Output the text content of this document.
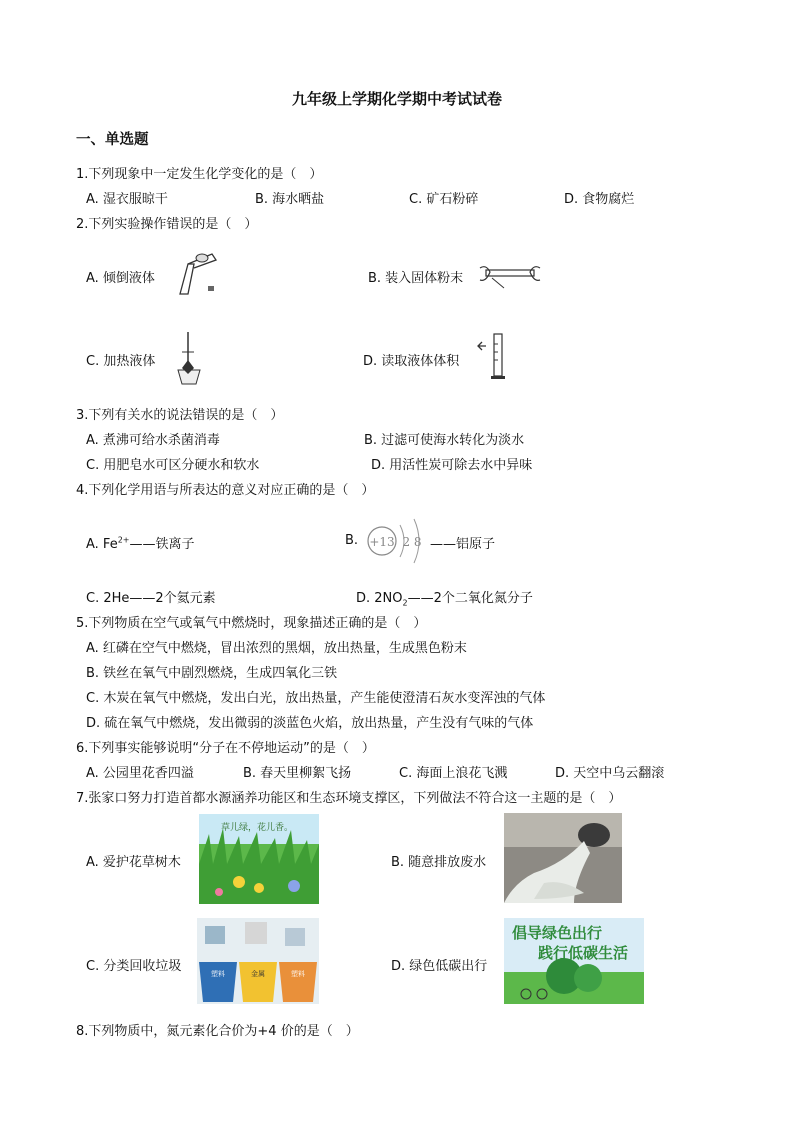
九年级上学期化学期中考试试卷
一、单选题
1.下列现象中一定发生化学变化的是（　）
A. 湿衣服晾干	B. 海水晒盐	C. 矿石粉碎	D. 食物腐烂
2.下列实验操作错误的是（　）
A. 倾倒液体	B. 装入固体粉末
C. 加热液体	D. 读取液体体积
3.下列有关水的说法错误的是（　）
A. 煮沸可给水杀菌消毒	B. 过滤可使海水转化为淡水
C. 用肥皂水可区分硬水和软水	D. 用活性炭可除去水中异味
4.下列化学用语与所表达的意义对应正确的是（　）
A. $Fe^{2+}——$铁离子	B. +13 2 8 ——铝原子
C. 2He——2个氦元素	D. $2NO_2——2$个二氧化氮分子
5.下列物质在空气或氧气中燃烧时，现象描述正确的是（　）
A. 红磷在空气中燃烧，冒出浓烈的黑烟，放出热量，生成黑色粉末
B. 铁丝在氧气中剧烈燃烧，生成四氧化三铁
C. 木炭在氧气中燃烧，发出白光，放出热量，产生能使澄清石灰水变浑浊的气体
D. 硫在氧气中燃烧，发出微弱的淡蓝色火焰，放出热量，产生没有气味的气体
6.下列事实能够说明“分子在不停地运动”的是（　）
A. 公园里花香四溢	B. 春天里柳絮飞扬	C. 海面上浪花飞溅	D. 天空中乌云翻滚
7.张家口努力打造首都水源涵养功能区和生态环境支撑区，下列做法不符合这一主题的是（　）
A. 爱护花草树木
草儿绿，花儿香。
B. 随意排放废水
C. 分类回收垃圾	塑料	金属	塑料	D. 绿色低碳出行
倡导绿色出行
践行低碳生活
8.下列物质中，氮元素化合价为+4 价的是（　）
